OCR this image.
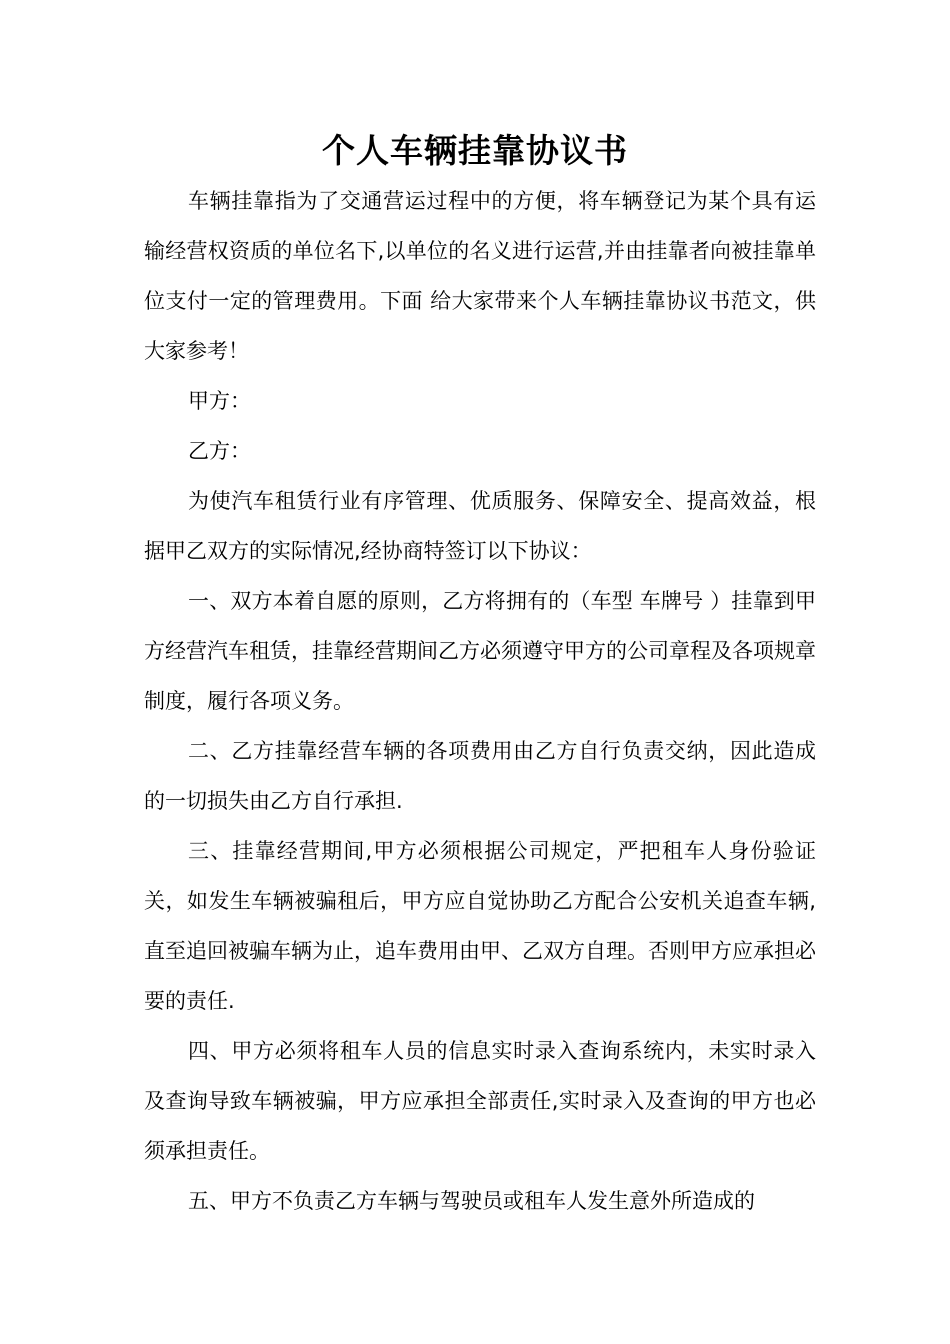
个人车辆挂靠协议书

车辆挂靠指为了交通营运过程中的方便，将车辆登记为某个具有运输经营权资质的单位名下,以单位的名义进行运营,并由挂靠者向被挂靠单位支付一定的管理费用。下面 给大家带来个人车辆挂靠协议书范文，供大家参考！

甲方：

乙方：

为使汽车租赁行业有序管理、优质服务、保障安全、提高效益，根据甲乙双方的实际情况,经协商特签订以下协议：

一、双方本着自愿的原则，乙方将拥有的（车型 车牌号 ）挂靠到甲方经营汽车租赁，挂靠经营期间乙方必须遵守甲方的公司章程及各项规章制度，履行各项义务。

二、乙方挂靠经营车辆的各项费用由乙方自行负责交纳，因此造成的一切损失由乙方自行承担.

三、挂靠经营期间,甲方必须根据公司规定，严把租车人身份验证关，如发生车辆被骗租后，甲方应自觉协助乙方配合公安机关追查车辆,直至追回被骗车辆为止，追车费用由甲、乙双方自理。否则甲方应承担必要的责任.

四、甲方必须将租车人员的信息实时录入查询系统内，未实时录入及查询导致车辆被骗，甲方应承担全部责任,实时录入及查询的甲方也必须承担责任。

五、甲方不负责乙方车辆与驾驶员或租车人发生意外所造成的
